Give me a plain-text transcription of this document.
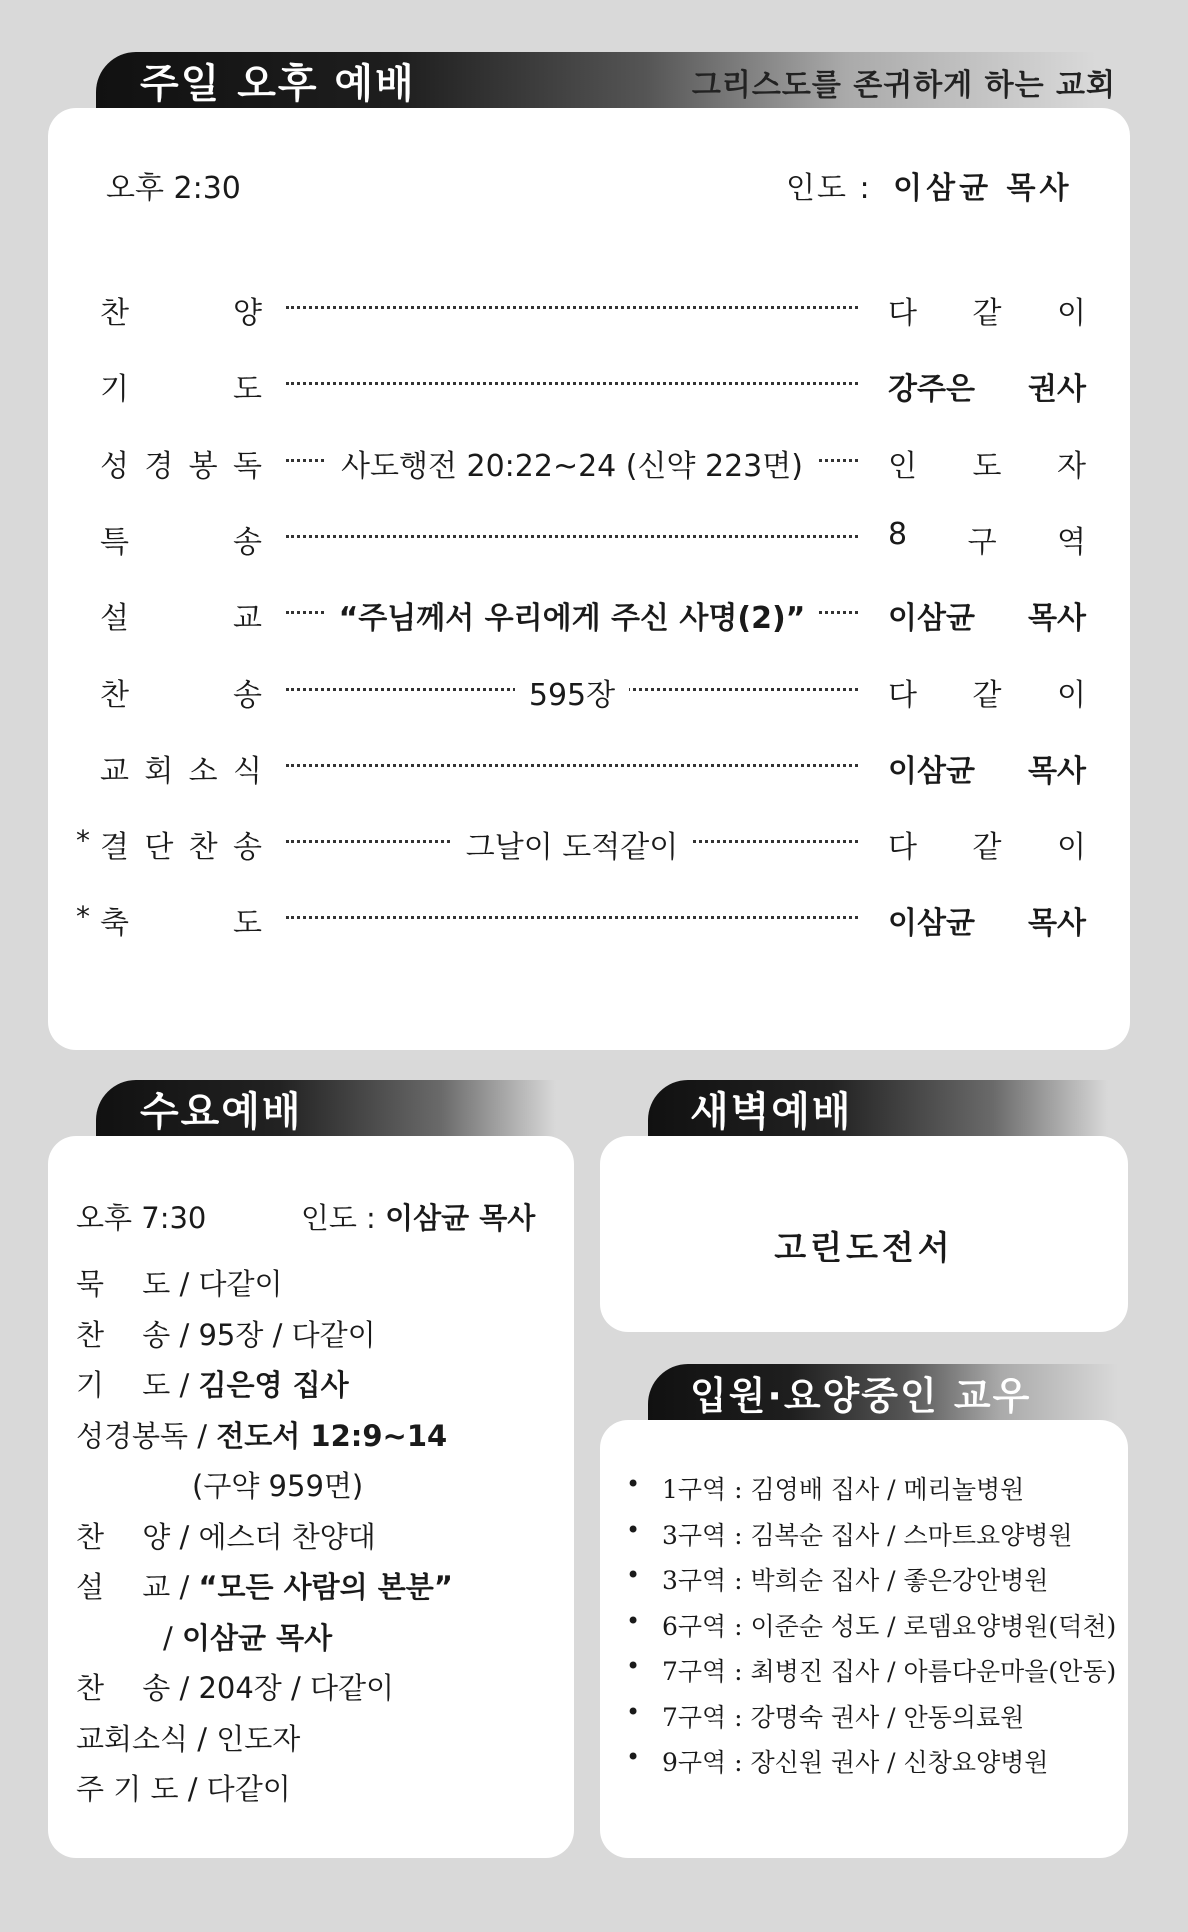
주일 오후 예배	그리스도를 존귀하게 하는 교회
오후 2:30	인도 : 이삼균 목사
찬	양	다 같 이
기	도	강주은 권사
성 경 봉 독	사도행전 20:22~24 (신약 223면)	인 도 자
특	송	8 구 역
설	교	“주님께서 우리에게 주신 사명(2)”	이삼균 목사
찬	송	595장	다 같 이
교 회 소 식	이삼균 목사
* 결 단 찬 송	그날이 도적같이	다 같 이
* 축	도	이삼균 목사
수요예배
오후 7:30	인도 : 이삼균 목사
묵　 도 / 다같이
찬　 송 / 95장 / 다같이
기　 도 / 김은영 집사
성경봉독 / 전도서 12:9~14
　　　　(구약 959면)
찬　 양 / 에스더 찬양대
설　 교 / “모든 사람의 본분”
　　　/ 이삼균 목사
찬　 송 / 204장 / 다같이
교회소식 / 인도자
주 기 도 / 다같이
새벽예배
고린도전서
입원·요양중인 교우
• 1구역 : 김영배 집사 / 메리놀병원
• 3구역 : 김복순 집사 / 스마트요양병원
• 3구역 : 박희순 집사 / 좋은강안병원
• 6구역 : 이준순 성도 / 로뎀요양병원(덕천)
• 7구역 : 최병진 집사 / 아름다운마을(안동)
• 7구역 : 강명숙 권사 / 안동의료원
• 9구역 : 장신원 권사 / 신창요양병원
